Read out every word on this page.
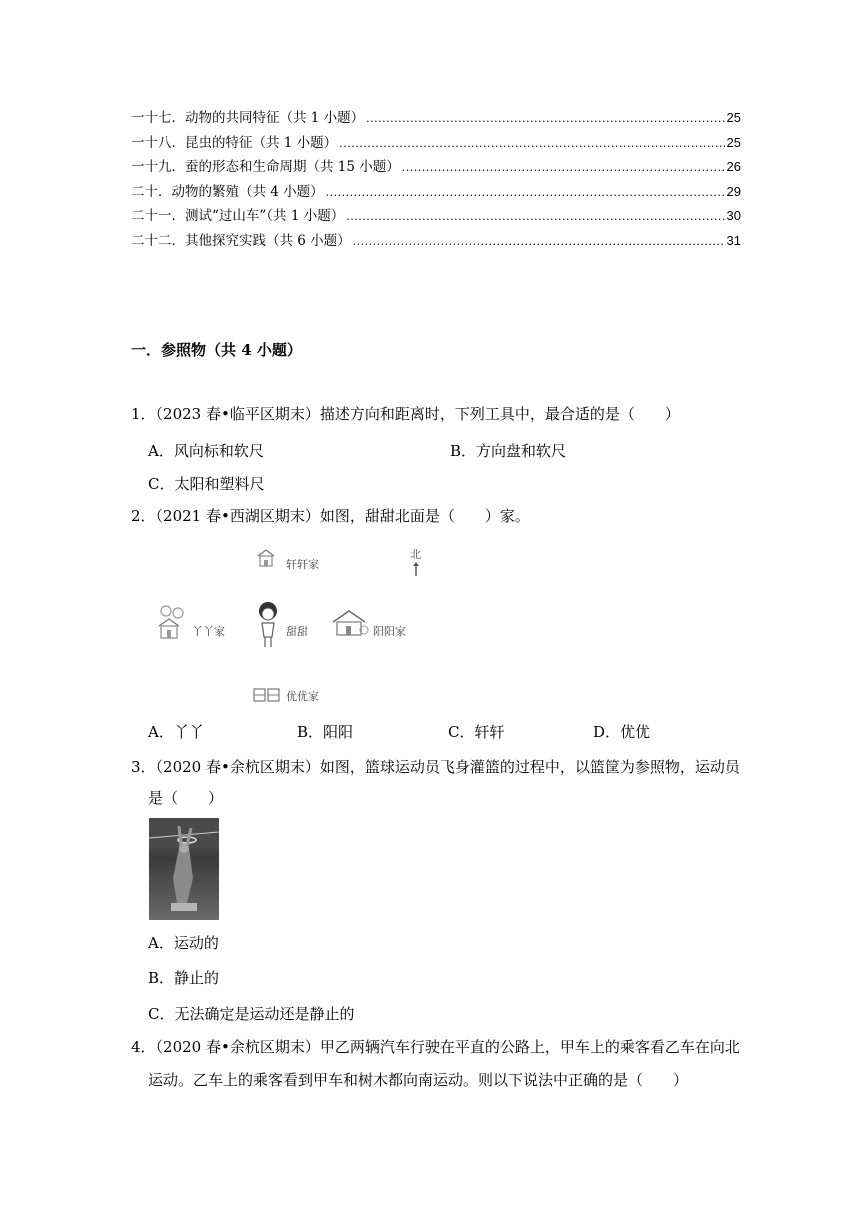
一十七．动物的共同特征（共 1 小题） .....	25
一十八．昆虫的特征（共 1 小题） .....	25
一十九．蚕的形态和生命周期（共 15 小题） .....	26
二十．动物的繁殖（共 4 小题） .....	29
二十一．测试“过山车”（共 1 小题） .....	30
二十二．其他探究实践（共 6 小题） .....	31
一．参照物（共 4 小题）
1．（2023 春•临平区期末）描述方向和距离时，下列工具中，最合适的是（　　）
A．风向标和软尺	B．方向盘和软尺
C．太阳和塑料尺
2．（2021 春•西湖区期末）如图，甜甜北面是（　　）家。
轩轩家
北
丫丫家	甜甜	阳阳家
优优家
A．丫丫	B．阳阳	C．轩轩	D．优优
3．（2020 春•余杭区期末）如图，篮球运动员飞身灌篮的过程中，以篮筐为参照物，运动员
是（　　）
A．运动的
B．静止的
C．无法确定是运动还是静止的
4．（2020 春•余杭区期末）甲乙两辆汽车行驶在平直的公路上，甲车上的乘客看乙车在向北
运动。乙车上的乘客看到甲车和树木都向南运动。则以下说法中正确的是（　　）
